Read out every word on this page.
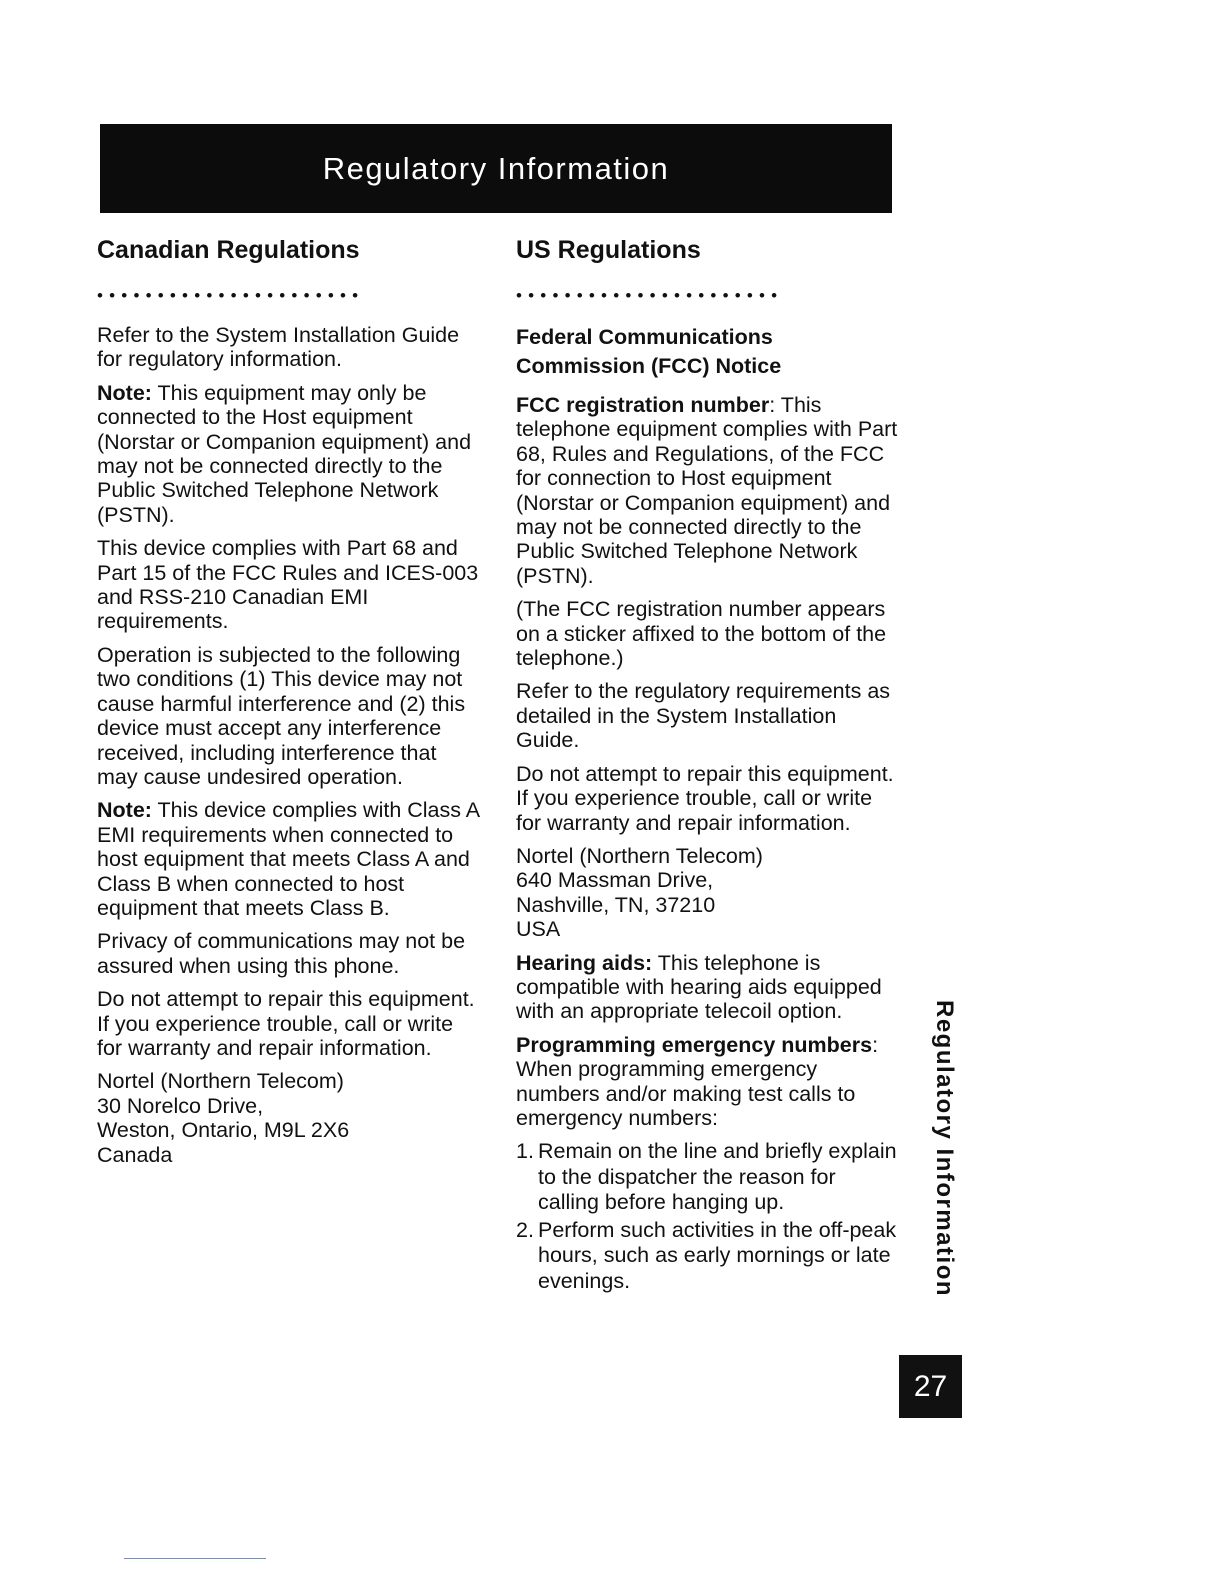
Regulatory Information
Canadian Regulations
••••••••••••••••••••••

Refer to the System Installation Guide for regulatory information.

Note: This equipment may only be connected to the Host equipment (Norstar or Companion equipment) and may not be connected directly to the Public Switched Telephone Network (PSTN).

This device complies with Part 68 and Part 15 of the FCC Rules and ICES-003 and RSS-210 Canadian EMI requirements.

Operation is subjected to the following two conditions (1) This device may not cause harmful interference and (2) this device must accept any interference received, including interference that may cause undesired operation.

Note: This device complies with Class A EMI requirements when connected to host equipment that meets Class A and Class B when connected to host equipment that meets Class B.

Privacy of communications may not be assured when using this phone.

Do not attempt to repair this equipment. If you experience trouble, call or write for warranty and repair information.

Nortel (Northern Telecom)
30 Norelco Drive,
Weston, Ontario, M9L 2X6
Canada
US Regulations
••••••••••••••••••••••

Federal Communications Commission (FCC) Notice

FCC registration number: This telephone equipment complies with Part 68, Rules and Regulations, of the FCC for connection to Host equipment (Norstar or Companion equipment) and may not be connected directly to the Public Switched Telephone Network (PSTN).

(The FCC registration number appears on a sticker affixed to the bottom of the telephone.)

Refer to the regulatory requirements as detailed in the System Installation Guide.

Do not attempt to repair this equipment. If you experience trouble, call or write for warranty and repair information.

Nortel (Northern Telecom)
640 Massman Drive,
Nashville, TN, 37210
USA

Hearing aids: This telephone is compatible with hearing aids equipped with an appropriate telecoil option.

Programming emergency numbers: When programming emergency numbers and/or making test calls to emergency numbers:

1. Remain on the line and briefly explain to the dispatcher the reason for calling before hanging up.
2. Perform such activities in the off-peak hours, such as early mornings or late evenings.	Regulatory Information
27
